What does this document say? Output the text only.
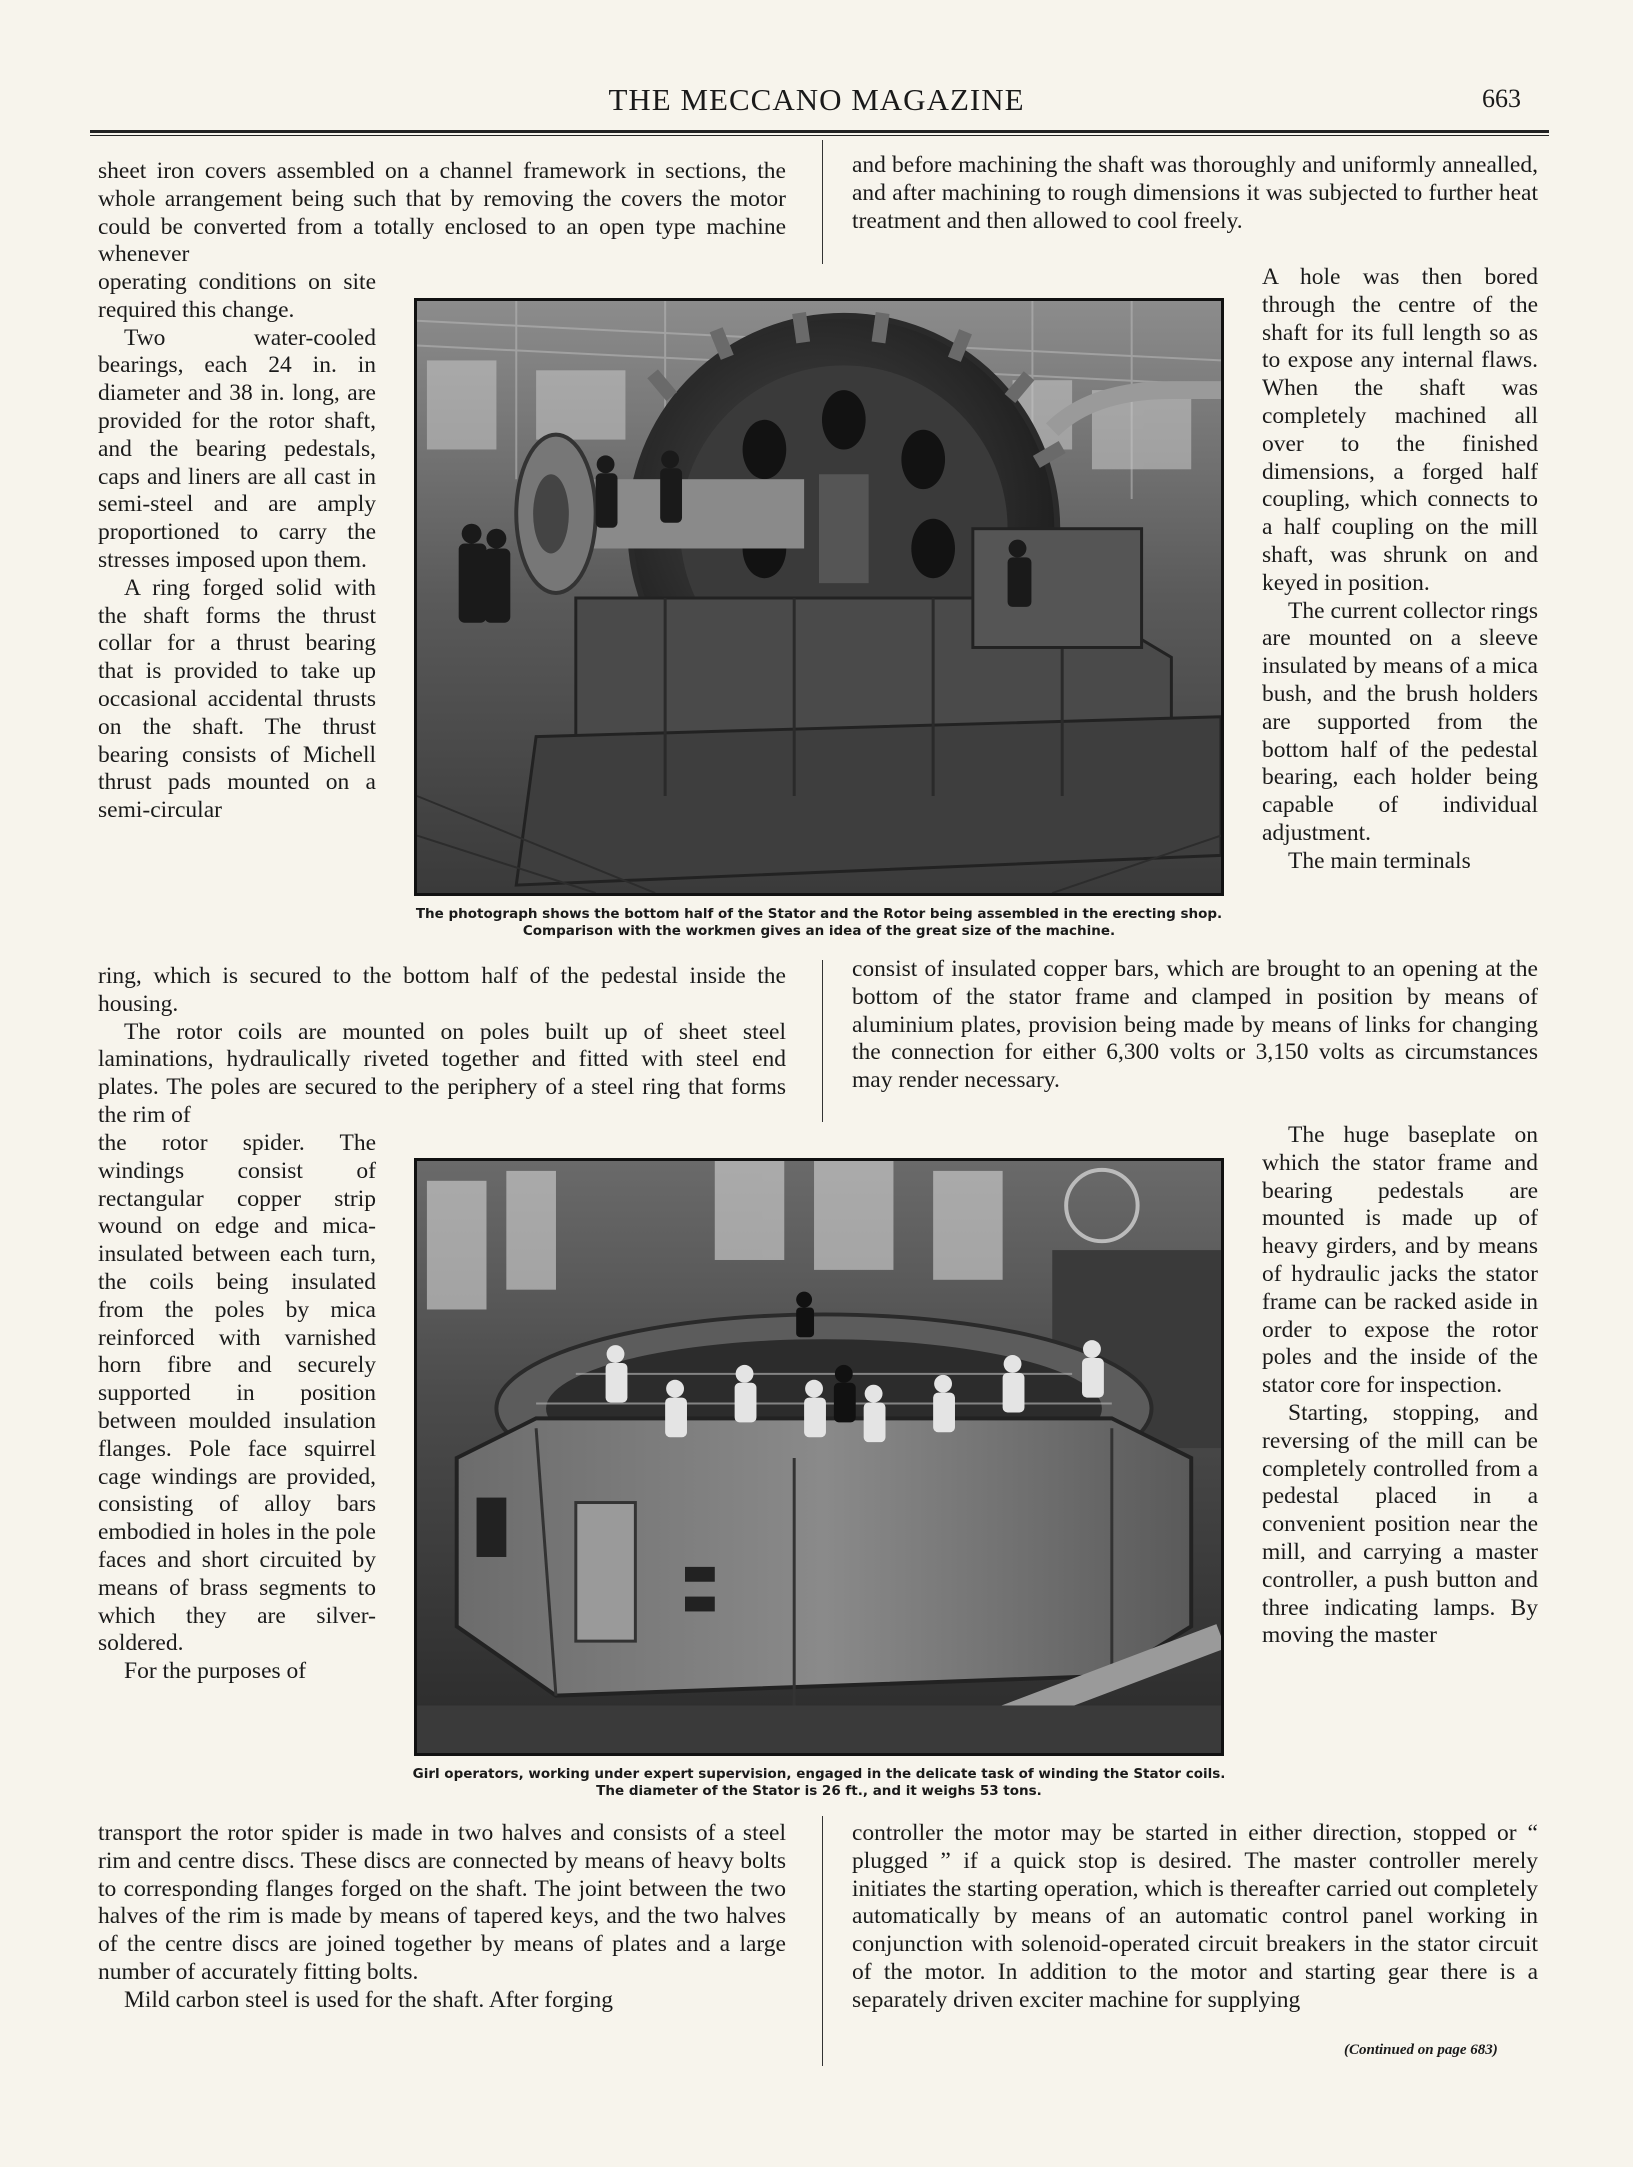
THE MECCANO MAGAZINE	663

sheet iron covers assembled on a channel framework in sections, the whole arrangement being such that by removing the covers the motor could be converted from a totally enclosed to an open type machine whenever

operating conditions on site required this change.

Two water-cooled bearings, each 24 in. in diameter and 38 in. long, are provided for the rotor shaft, and the bearing pedestals, caps and liners are all cast in semi-steel and are amply proportioned to carry the stresses imposed upon them.

A ring forged solid with the shaft forms the thrust collar for a thrust bearing that is provided to take up occasional accidental thrusts on the shaft. The thrust bearing consists of Michell thrust pads mounted on a semi-circular

ring, which is secured to the bottom half of the pedestal inside the housing.

The rotor coils are mounted on poles built up of sheet steel laminations, hydraulically riveted together and fitted with steel end plates. The poles are secured to the periphery of a steel ring that forms the rim of

the rotor spider. The windings consist of rectangular copper strip wound on edge and mica-insulated between each turn, the coils being insulated from the poles by mica reinforced with varnished horn fibre and securely supported in position between moulded insulation flanges. Pole face squirrel cage windings are provided, consisting of alloy bars embodied in holes in the pole faces and short circuited by means of brass segments to which they are silver-soldered.

For the purposes of

transport the rotor spider is made in two halves and consists of a steel rim and centre discs. These discs are connected by means of heavy bolts to corresponding flanges forged on the shaft. The joint between the two halves of the rim is made by means of tapered keys, and the two halves of the centre discs are joined together by means of plates and a large number of accurately fitting bolts.

Mild carbon steel is used for the shaft. After forging

and before machining the shaft was thoroughly and uniformly annealled, and after machining to rough dimensions it was subjected to further heat treatment and then allowed to cool freely.

A hole was then bored through the centre of the shaft for its full length so as to expose any internal flaws. When the shaft was completely machined all over to the finished dimensions, a forged half coupling, which connects to a half coupling on the mill shaft, was shrunk on and keyed in position.

The current collector rings are mounted on a sleeve insulated by means of a mica bush, and the brush holders are supported from the bottom half of the pedestal bearing, each holder being capable of individual adjustment.

The main terminals

consist of insulated copper bars, which are brought to an opening at the bottom of the stator frame and clamped in position by means of aluminium plates, provision being made by means of links for changing the connection for either 6,300 volts or 3,150 volts as circumstances may render necessary.

The huge baseplate on which the stator frame and bearing pedestals are mounted is made up of heavy girders, and by means of hydraulic jacks the stator frame can be racked aside in order to expose the rotor poles and the inside of the stator core for inspection.

Starting, stopping, and reversing of the mill can be completely controlled from a pedestal placed in a convenient position near the mill, and carrying a master controller, a push button and three indicating lamps. By moving the master

controller the motor may be started in either direction, stopped or “ plugged ” if a quick stop is desired. The master controller merely initiates the starting operation, which is thereafter carried out completely automatically by means of an automatic control panel working in conjunction with solenoid-operated circuit breakers in the stator circuit of the motor. In addition to the motor and starting gear there is a separately driven exciter machine for supplying

(Continued on page 683)
The photograph shows the bottom half of the Stator and the Rotor being assembled in the erecting shop. Comparison with the workmen gives an idea of the great size of the machine.
Girl operators, working under expert supervision, engaged in the delicate task of winding the Stator coils. The diameter of the Stator is 26 ft., and it weighs 53 tons.
